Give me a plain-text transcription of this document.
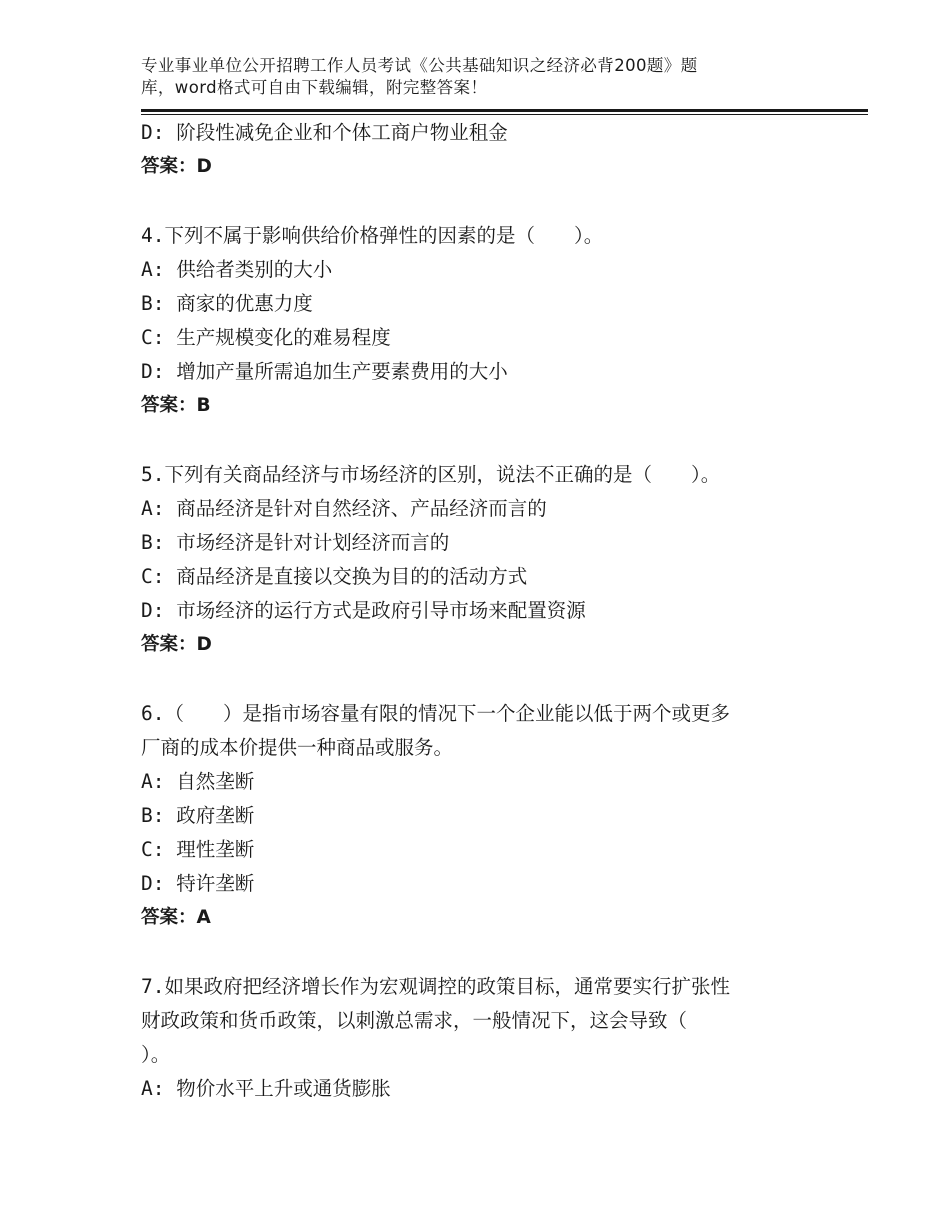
专业事业单位公开招聘工作人员考试《公共基础知识之经济必背200题》题
库，word格式可自由下载编辑，附完整答案！
D: 阶段性减免企业和个体工商户物业租金
答案：D
4.下列不属于影响供给价格弹性的因素的是（　　）。
A: 供给者类别的大小
B: 商家的优惠力度
C: 生产规模变化的难易程度
D: 增加产量所需追加生产要素费用的大小
答案：B
5.下列有关商品经济与市场经济的区别，说法不正确的是（　　）。
A: 商品经济是针对自然经济、产品经济而言的
B: 市场经济是针对计划经济而言的
C: 商品经济是直接以交换为目的的活动方式
D: 市场经济的运行方式是政府引导市场来配置资源
答案：D
6.（　　）是指市场容量有限的情况下一个企业能以低于两个或更多
厂商的成本价提供一种商品或服务。
A: 自然垄断
B: 政府垄断
C: 理性垄断
D: 特许垄断
答案：A
7.如果政府把经济增长作为宏观调控的政策目标，通常要实行扩张性
财政政策和货币政策，以刺激总需求，一般情况下，这会导致（
）。
A: 物价水平上升或通货膨胀
